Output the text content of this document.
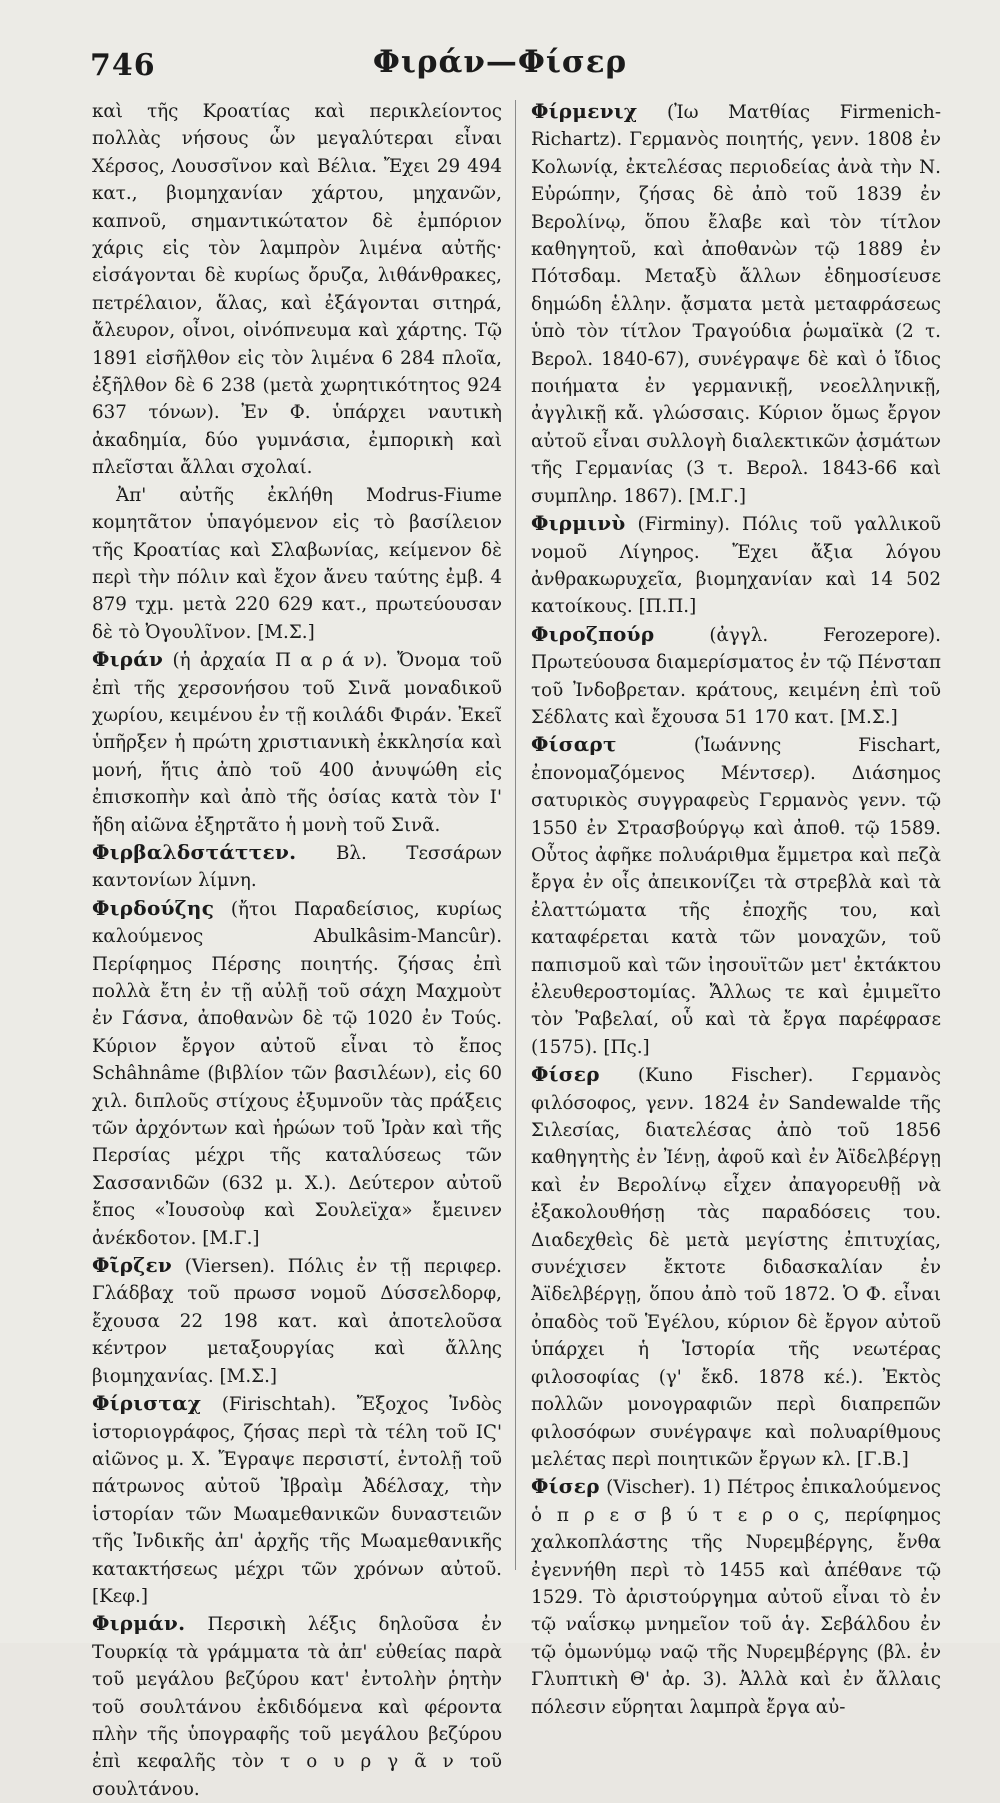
746	Φιράν—Φίσερ

καὶ τῆς Κροατίας καὶ περικλείοντος πολλὰς νήσους ὧν μεγαλύτεραι εἶναι Χέρσος, Λουσσῖνον καὶ Βέλια. Ἔχει 29 494 κατ., βιομηχανίαν χάρτου, μηχανῶν, καπνοῦ, σημαντικώτατον δὲ ἐμπόριον χάρις εἰς τὸν λαμπρὸν λιμένα αὐτῆς· εἰσάγονται δὲ κυρίως ὄρυζα, λιθάνθρακες, πετρέλαιον, ἅλας, καὶ ἐξάγονται σιτηρά, ἄλευρον, οἶνοι, οἰνόπνευμα καὶ χάρτης. Τῷ 1891 εἰσῆλθον εἰς τὸν λιμένα 6 284 πλοῖα, ἐξῆλθον δὲ 6 238 (μετὰ χωρητικότητος 924 637 τόνων). Ἐν Φ. ὑπάρχει ναυτικὴ ἀκαδημία, δύο γυμνάσια, ἐμπορικὴ καὶ πλεῖσται ἄλλαι σχολαί.

Ἀπ' αὐτῆς ἐκλήθη Modrus-Fiume κομητᾶτον ὑπαγόμενον εἰς τὸ βασίλειον τῆς Κροατίας καὶ Σλαβωνίας, κείμενον δὲ περὶ τὴν πόλιν καὶ ἔχον ἄνευ ταύτης ἐμβ. 4 879 τχμ. μετὰ 220 629 κατ., πρωτεύουσαν δὲ τὸ Ὀγουλῖνον. [Μ.Σ.]

Φιράν (ἡ ἀρχαία Π α ρ ά ν). Ὄνομα τοῦ ἐπὶ τῆς χερσονήσου τοῦ Σινᾶ μοναδικοῦ χωρίου, κειμένου ἐν τῇ κοιλάδι Φιράν. Ἐκεῖ ὑπῆρξεν ἡ πρώτη χριστιανικὴ ἐκκλησία καὶ μονή, ἥτις ἀπὸ τοῦ 400 ἀνυψώθη εἰς ἐπισκοπὴν καὶ ἀπὸ τῆς ὁσίας κατὰ τὸν Ι' ἤδη αἰῶνα ἐξηρτᾶτο ἡ μονὴ τοῦ Σινᾶ.

Φιρβαλδστάττεν. Βλ. Τεσσάρων καντονίων λίμνη.

Φιρδούζης (ἤτοι Παραδείσιος, κυρίως καλούμενος Abulkâsim-Mancûr). Περίφημος Πέρσης ποιητής. ζήσας ἐπὶ πολλὰ ἔτη ἐν τῇ αὐλῇ τοῦ σάχη Μαχμοὺτ ἐν Γάσνα, ἀποθανὼν δὲ τῷ 1020 ἐν Τούς. Κύριον ἔργον αὐτοῦ εἶναι τὸ ἔπος Schâhnâme (βιβλίον τῶν βασιλέων), εἰς 60 χιλ. διπλοῦς στίχους ἐξυμνοῦν τὰς πράξεις τῶν ἀρχόντων καὶ ἡρώων τοῦ Ἰρὰν καὶ τῆς Περσίας μέχρι τῆς καταλύσεως τῶν Σασσανιδῶν (632 μ. Χ.). Δεύτερον αὐτοῦ ἔπος «Ἰουσοὺφ καὶ Σουλεϊχα» ἔμεινεν ἀνέκδοτον. [Μ.Γ.]

Φῖρζεν (Viersen). Πόλις ἐν τῇ περιφερ. Γλάδβαχ τοῦ πρωσσ νομοῦ Δύσσελδορφ, ἔχουσα 22 198 κατ. καὶ ἀποτελοῦσα κέντρον μεταξουργίας καὶ ἄλλης βιομηχανίας. [Μ.Σ.]

Φίρισταχ (Firischtah). Ἔξοχος Ἰνδὸς ἱστοριογράφος, ζήσας περὶ τὰ τέλη τοῦ ΙϚ' αἰῶνος μ. Χ. Ἔγραψε περσιστί, ἐντολῇ τοῦ πάτρωνος αὐτοῦ Ἰβραὶμ Ἀδέλσαχ, τὴν ἱστορίαν τῶν Μωαμεθανικῶν δυναστειῶν τῆς Ἰνδικῆς ἀπ' ἀρχῆς τῆς Μωαμεθανικῆς κατακτήσεως μέχρι τῶν χρόνων αὐτοῦ. [Κεφ.]

Φιρμάν. Περσικὴ λέξις δηλοῦσα ἐν Τουρκίᾳ τὰ γράμματα τὰ ἀπ' εὐθείας παρὰ τοῦ μεγάλου βεζύρου κατ' ἐντολὴν ῥητὴν τοῦ σουλτάνου ἐκδιδόμενα καὶ φέροντα πλὴν τῆς ὑπογραφῆς τοῦ μεγάλου βεζύρου ἐπὶ κεφαλῆς τὸν τ ο υ ρ γ ᾶ ν τοῦ σουλτάνου.

Φίρμενιχ (Ἰω Ματθίας Firmenich-Richartz). Γερμανὸς ποιητής, γενν. 1808 ἐν Κολωνίᾳ, ἐκτελέσας περιοδείας ἀνὰ τὴν Ν. Εὐρώπην, ζήσας δὲ ἀπὸ τοῦ 1839 ἐν Βερολίνῳ, ὅπου ἔλαβε καὶ τὸν τίτλον καθηγητοῦ, καὶ ἀποθανὼν τῷ 1889 ἐν Πότσδαμ. Μεταξὺ ἄλλων ἐδημοσίευσε δημώδη ἑλλην. ᾄσματα μετὰ μεταφράσεως ὑπὸ τὸν τίτλον Τραγούδια ῥωμαϊκὰ (2 τ. Βερολ. 1840-67), συνέγραψε δὲ καὶ ὁ ἴδιος ποιήματα ἐν γερμανικῇ, νεοελληνικῇ, ἀγγλικῇ κἄ. γλώσσαις. Κύριον ὅμως ἔργον αὐτοῦ εἶναι συλλογὴ διαλεκτικῶν ᾀσμάτων τῆς Γερμανίας (3 τ. Βερολ. 1843-66 καὶ συμπληρ. 1867). [Μ.Γ.]

Φιρμινὺ (Firminy). Πόλις τοῦ γαλλικοῦ νομοῦ Λίγηρος. Ἔχει ἄξια λόγου ἀνθρακωρυχεῖα, βιομηχανίαν καὶ 14 502 κατοίκους. [Π.Π.]

Φιροζπούρ	(ἀγγλ. Ferozepore). Πρωτεύουσα διαμερίσματος ἐν τῷ Πένσταπ τοῦ Ἰνδοβρεταν. κράτους, κειμένη ἐπὶ τοῦ Σέδλατς καὶ ἔχουσα 51 170 κατ. [Μ.Σ.]

Φίσαρτ	(Ἰωάννης Fischart, ἐπονομαζόμενος Μέντσερ). Διάσημος σατυρικὸς συγγραφεὺς Γερμανὸς γενν. τῷ 1550 ἐν Στρασβούργῳ καὶ ἀποθ. τῷ 1589. Οὗτος ἀφῆκε πολυάριθμα ἔμμετρα καὶ πεζὰ ἔργα ἐν οἷς ἀπεικονίζει τὰ στρεβλὰ καὶ τὰ ἐλαττώματα τῆς ἐποχῆς του, καὶ καταφέρεται κατὰ τῶν μοναχῶν, τοῦ παπισμοῦ καὶ τῶν ἰησουϊτῶν μετ' ἐκτάκτου ἐλευθεροστομίας. Ἄλλως τε καὶ ἐμιμεῖτο τὸν Ῥαβελαί, οὗ καὶ τὰ ἔργα παρέφρασε (1575). [Πς.]

Φίσερ (Kuno Fischer). Γερμανὸς φιλόσοφος, γενν. 1824 ἐν Sandewalde τῆς Σιλεσίας, διατελέσας ἀπὸ τοῦ 1856 καθηγητὴς ἐν Ἰένῃ, ἀφοῦ καὶ ἐν Ἀϊδελβέργῃ καὶ ἐν Βερολίνῳ εἶχεν ἀπαγορευθῇ νὰ ἐξακολουθήσῃ τὰς παραδόσεις του. Διαδεχθεὶς δὲ μετὰ μεγίστης ἐπιτυχίας, συνέχισεν ἔκτοτε διδασκαλίαν ἐν Ἀϊδελβέργῃ, ὅπου ἀπὸ τοῦ 1872. Ὁ Φ. εἶναι ὀπαδὸς τοῦ Ἑγέλου, κύριον δὲ ἔργον αὐτοῦ ὑπάρχει ἡ Ἱστορία τῆς νεωτέρας φιλοσοφίας (γ' ἔκδ. 1878 κέ.). Ἐκτὸς πολλῶν μονογραφιῶν περὶ διαπρεπῶν φιλοσόφων συνέγραψε καὶ πολυαρίθμους μελέτας περὶ ποιητικῶν ἔργων κλ. [Γ.Β.]

Φίσερ (Vischer). 1) Πέτρος ἐπικαλούμενος ὁ π ρ ε σ β ύ τ ε ρ ο ς, περίφημος χαλκοπλάστης τῆς Νυρεμβέργης, ἔνθα ἐγεννήθη περὶ τὸ 1455 καὶ ἀπέθανε τῷ 1529. Τὸ ἀριστούργημα αὐτοῦ εἶναι τὸ ἐν τῷ ναΐσκῳ μνημεῖον τοῦ ἁγ. Σεβάλδου ἐν τῷ ὁμωνύμῳ ναῷ τῆς Νυρεμβέργης (βλ. ἐν Γλυπτικὴ Θ' ἀρ. 3). Ἀλλὰ καὶ ἐν ἄλλαις πόλεσιν εὕρηται λαμπρὰ ἔργα αὐ-
